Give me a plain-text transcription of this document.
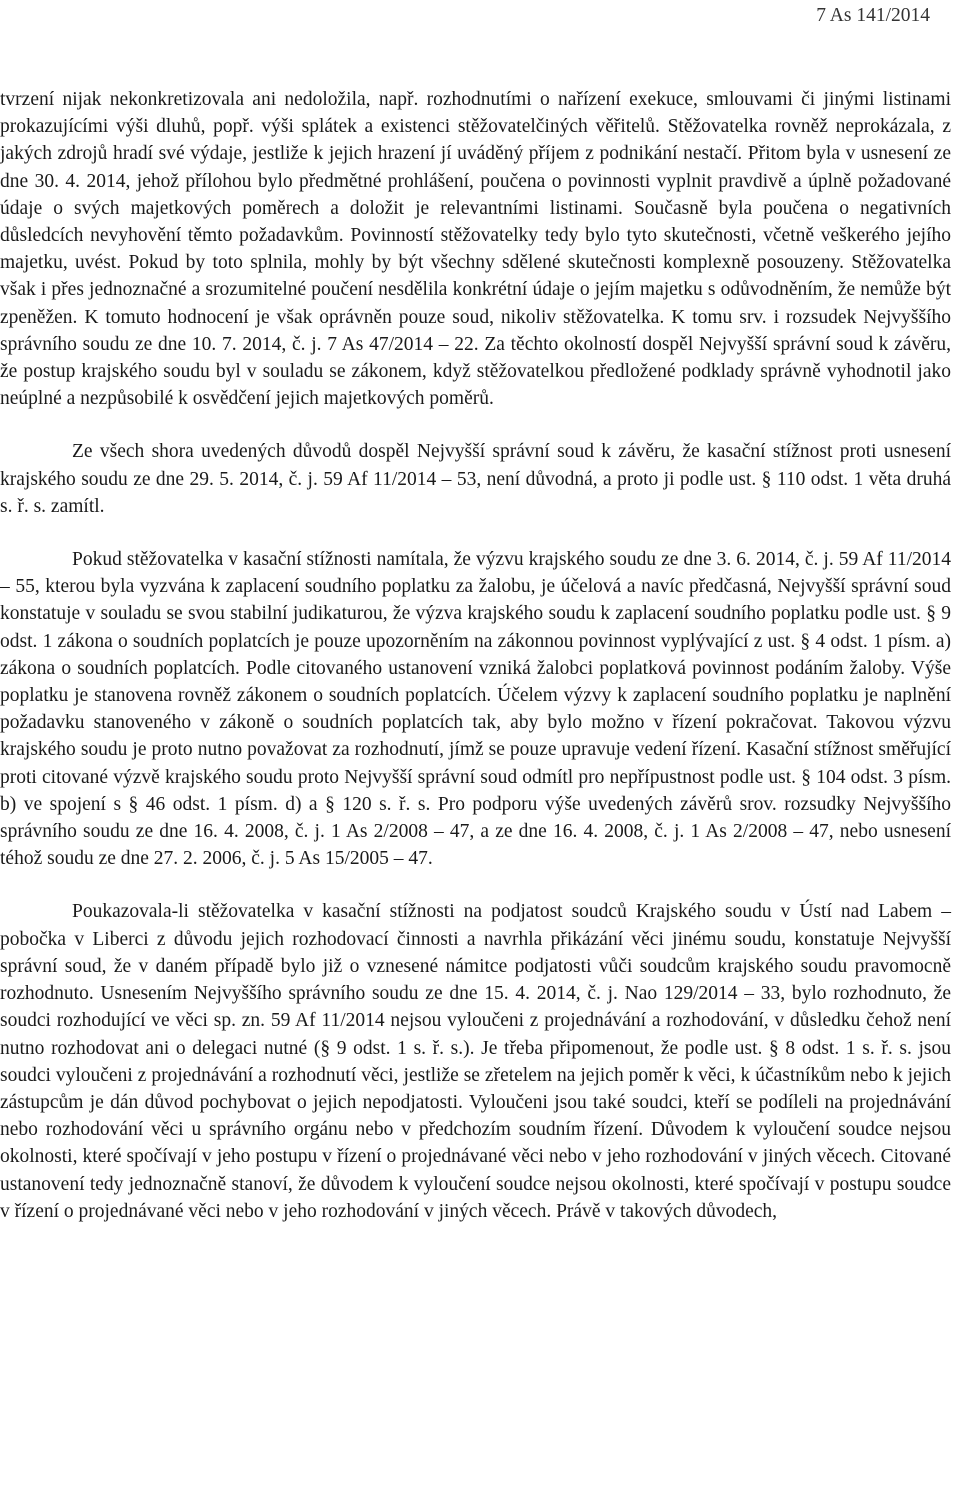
7 As 141/2014

tvrzení nijak nekonkretizovala ani nedoložila, např. rozhodnutími o nařízení exekuce, smlouvami či jinými listinami prokazujícími výši dluhů, popř. výši splátek a existenci stěžovatelčiných věřitelů. Stěžovatelka rovněž neprokázala, z jakých zdrojů hradí své výdaje, jestliže k jejich hrazení jí uváděný příjem z podnikání nestačí. Přitom byla v usnesení ze dne 30. 4. 2014, jehož přílohou bylo předmětné prohlášení, poučena o povinnosti vyplnit pravdivě a úplně požadované údaje o svých majetkových poměrech a doložit je relevantními listinami. Současně byla poučena o negativních důsledcích nevyhovění těmto požadavkům. Povinností stěžovatelky tedy bylo tyto skutečnosti, včetně veškerého jejího majetku, uvést. Pokud by toto splnila, mohly by být všechny sdělené skutečnosti komplexně posouzeny. Stěžovatelka však i přes jednoznačné a srozumitelné poučení nesdělila konkrétní údaje o jejím majetku s odůvodněním, že nemůže být zpeněžen. K tomuto hodnocení je však oprávněn pouze soud, nikoliv stěžovatelka. K tomu srv. i rozsudek Nejvyššího správního soudu ze dne 10. 7. 2014, č. j. 7 As 47/2014 – 22. Za těchto okolností dospěl Nejvyšší správní soud k závěru, že postup krajského soudu byl v souladu se zákonem, když stěžovatelkou předložené podklady správně vyhodnotil jako neúplné a nezpůsobilé k osvědčení jejich majetkových poměrů.

Ze všech shora uvedených důvodů dospěl Nejvyšší správní soud k závěru, že kasační stížnost proti usnesení krajského soudu ze dne 29. 5. 2014, č. j. 59 Af 11/2014 – 53, není důvodná, a proto ji podle ust. § 110 odst. 1 věta druhá s. ř. s. zamítl.

Pokud stěžovatelka v kasační stížnosti namítala, že výzvu krajského soudu ze dne 3. 6. 2014, č. j. 59 Af 11/2014 – 55, kterou byla vyzvána k zaplacení soudního poplatku za žalobu, je účelová a navíc předčasná, Nejvyšší správní soud konstatuje v souladu se svou stabilní judikaturou, že výzva krajského soudu k zaplacení soudního poplatku podle ust. § 9 odst. 1 zákona o soudních poplatcích je pouze upozorněním na zákonnou povinnost vyplývající z ust. § 4 odst. 1 písm. a) zákona o soudních poplatcích. Podle citovaného ustanovení vzniká žalobci poplatková povinnost podáním žaloby. Výše poplatku je stanovena rovněž zákonem o soudních poplatcích. Účelem výzvy k zaplacení soudního poplatku je naplnění požadavku stanoveného v zákoně o soudních poplatcích tak, aby bylo možno v řízení pokračovat. Takovou výzvu krajského soudu je proto nutno považovat za rozhodnutí, jímž se pouze upravuje vedení řízení. Kasační stížnost směřující proti citované výzvě krajského soudu proto Nejvyšší správní soud odmítl pro nepřípustnost podle ust. § 104 odst. 3 písm. b) ve spojení s § 46 odst. 1 písm. d) a § 120 s. ř. s. Pro podporu výše uvedených závěrů srov. rozsudky Nejvyššího správního soudu ze dne 16. 4. 2008, č. j. 1 As 2/2008 – 47, a ze dne 16. 4. 2008, č. j. 1 As 2/2008 – 47, nebo usnesení téhož soudu ze dne 27. 2. 2006, č. j. 5 As 15/2005 – 47.

Poukazovala-li stěžovatelka v kasační stížnosti na podjatost soudců Krajského soudu v Ústí nad Labem – pobočka v Liberci z důvodu jejich rozhodovací činnosti a navrhla přikázání věci jinému soudu, konstatuje Nejvyšší správní soud, že v daném případě bylo již o vznesené námitce podjatosti vůči soudcům krajského soudu pravomocně rozhodnuto. Usnesením Nejvyššího správního soudu ze dne 15. 4. 2014, č. j. Nao 129/2014 – 33, bylo rozhodnuto, že soudci rozhodující ve věci sp. zn. 59 Af 11/2014 nejsou vyloučeni z projednávání a rozhodování, v důsledku čehož není nutno rozhodovat ani o delegaci nutné (§ 9 odst. 1 s. ř. s.). Je třeba připomenout, že podle ust. § 8 odst. 1 s. ř. s. jsou soudci vyloučeni z projednávání a rozhodnutí věci, jestliže se zřetelem na jejich poměr k věci, k účastníkům nebo k jejich zástupcům je dán důvod pochybovat o jejich nepodjatosti. Vyloučeni jsou také soudci, kteří se podíleli na projednávání nebo rozhodování věci u správního orgánu nebo v předchozím soudním řízení. Důvodem k vyloučení soudce nejsou okolnosti, které spočívají v jeho postupu v řízení o projednávané věci nebo v jeho rozhodování v jiných věcech. Citované ustanovení tedy jednoznačně stanoví, že důvodem k vyloučení soudce nejsou okolnosti, které spočívají v postupu soudce v řízení o projednávané věci nebo v jeho rozhodování v jiných věcech. Právě v takových důvodech,
